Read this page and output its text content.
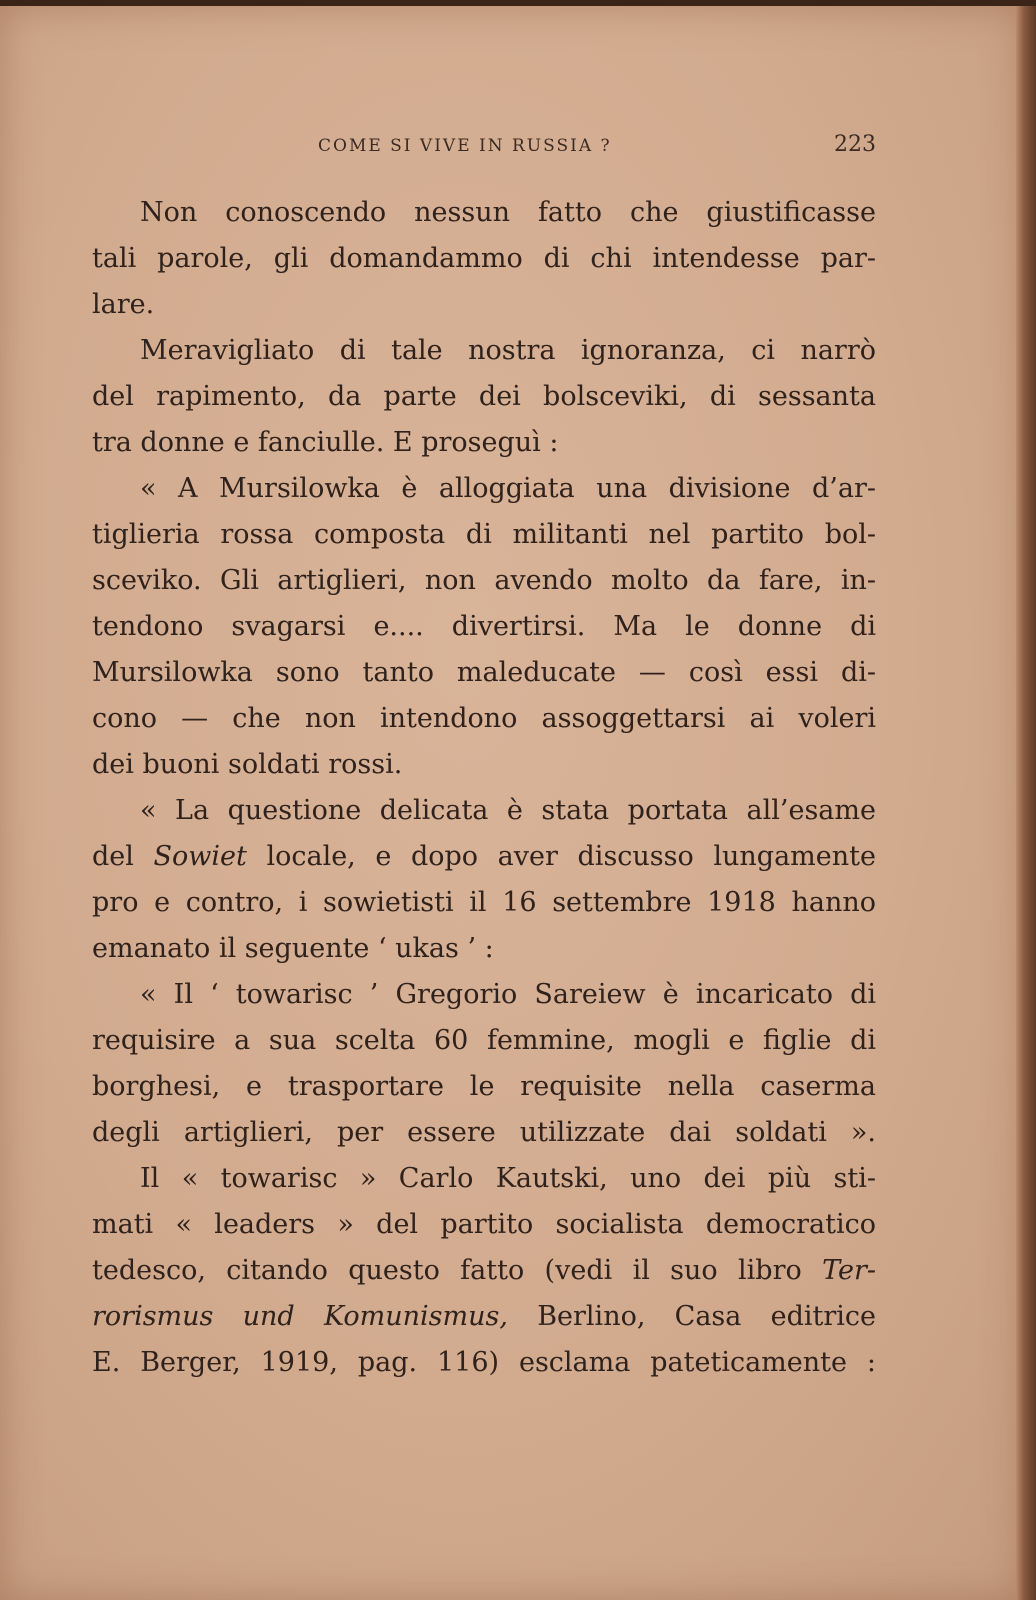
COME SI VIVE IN RUSSIA ?	223
Non conoscendo nessun fatto che giustificasse
tali parole, gli domandammo di chi intendesse par-
lare.
Meravigliato di tale nostra ignoranza, ci narrò
del rapimento, da parte dei bolsceviki, di sessanta
tra donne e fanciulle. E proseguì :
« A Mursilowka è alloggiata una divisione d’ar-
tiglieria rossa composta di militanti nel partito bol-
sceviko. Gli artiglieri, non avendo molto da fare, in-
tendono svagarsi e.... divertirsi. Ma le donne di
Mursilowka sono tanto maleducate — così essi di-
cono — che non intendono assoggettarsi ai voleri
dei buoni soldati rossi.
« La questione delicata è stata portata all’esame
del Sowiet locale, e dopo aver discusso lungamente
pro e contro, i sowietisti il 16 settembre 1918 hanno
emanato il seguente ‘ ukas ’ :
« Il ‘ towarisc ’ Gregorio Sareiew è incaricato di
requisire a sua scelta 60 femmine, mogli e figlie di
borghesi, e trasportare le requisite nella caserma
degli artiglieri, per essere utilizzate dai soldati ».
Il « towarisc » Carlo Kautski, uno dei più sti-
mati « leaders » del partito socialista democratico
tedesco, citando questo fatto (vedi il suo libro Ter-
rorismus und Komunismus, Berlino, Casa editrice
E. Berger, 1919, pag. 116) esclama pateticamente :
